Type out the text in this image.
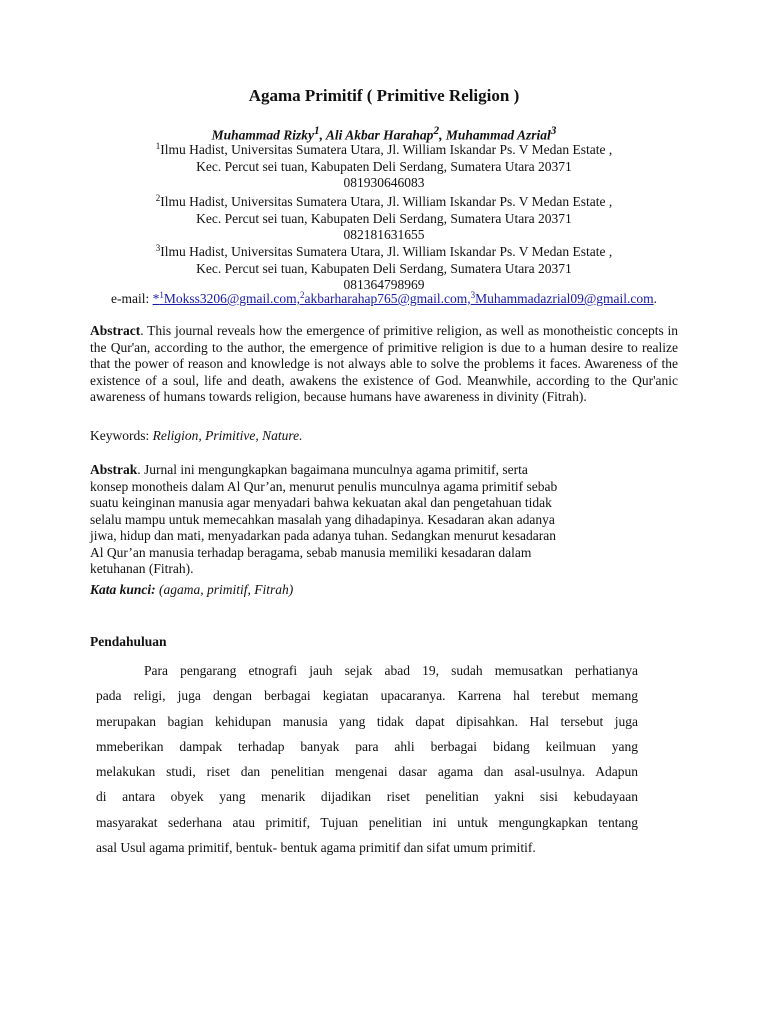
Agama Primitif ( Primitive Religion )
Muhammad Rizky$^1$, Ali Akbar Harahap$^2$, Muhammad Azrial$^3$
$^1$Ilmu Hadist, Universitas Sumatera Utara, Jl. William Iskandar Ps. V Medan Estate ,
Kec. Percut sei tuan, Kabupaten Deli Serdang, Sumatera Utara 20371
081930646083
$^2$Ilmu Hadist, Universitas Sumatera Utara, Jl. William Iskandar Ps. V Medan Estate ,
Kec. Percut sei tuan, Kabupaten Deli Serdang, Sumatera Utara 20371
082181631655
$^3$Ilmu Hadist, Universitas Sumatera Utara, Jl. William Iskandar Ps. V Medan Estate ,
Kec. Percut sei tuan, Kabupaten Deli Serdang, Sumatera Utara 20371
081364798969
e-mail: *$^1$Mokss3206@gmail.com,$^2$akbarharahap765@gmail.com,$^3$Muhammadazrial09@gmail.com.
Abstract. This journal reveals how the emergence of primitive religion, as well as monotheistic concepts in the Qur'an, according to the author, the emergence of primitive religion is due to a human desire to realize that the power of reason and knowledge is not always able to solve the problems it faces. Awareness of the existence of a soul, life and death, awakens the existence of God. Meanwhile, according to the Qur'anic awareness of humans towards religion, because humans have awareness in divinity (Fitrah).
Keywords: Religion, Primitive, Nature.
Abstrak. Jurnal ini mengungkapkan bagaimana munculnya agama primitif, serta
konsep monotheis dalam Al Qur’an, menurut penulis munculnya agama primitif sebab
suatu keinginan manusia agar menyadari bahwa kekuatan akal dan pengetahuan tidak
selalu mampu untuk memecahkan masalah yang dihadapinya. Kesadaran akan adanya
jiwa, hidup dan mati, menyadarkan pada adanya tuhan. Sedangkan menurut kesadaran
Al Qur’an manusia terhadap beragama, sebab manusia memiliki kesadaran dalam
ketuhanan (Fitrah).
Kata kunci: (agama, primitif, Fitrah)
Pendahuluan
Para pengarang etnografi jauh sejak abad 19, sudah memusatkan perhatianya
pada religi, juga dengan berbagai kegiatan upacaranya. Karrena hal terebut memang
merupakan bagian kehidupan manusia yang tidak dapat dipisahkan. Hal tersebut juga
mmeberikan dampak terhadap banyak para ahli berbagai bidang keilmuan yang
melakukan studi, riset dan penelitian mengenai dasar agama dan asal-usulnya. Adapun
di antara obyek yang menarik dijadikan riset penelitian yakni sisi kebudayaan
masyarakat sederhana atau primitif, Tujuan penelitian ini untuk mengungkapkan tentang
asal Usul agama primitif, bentuk- bentuk agama primitif dan sifat umum primitif.
